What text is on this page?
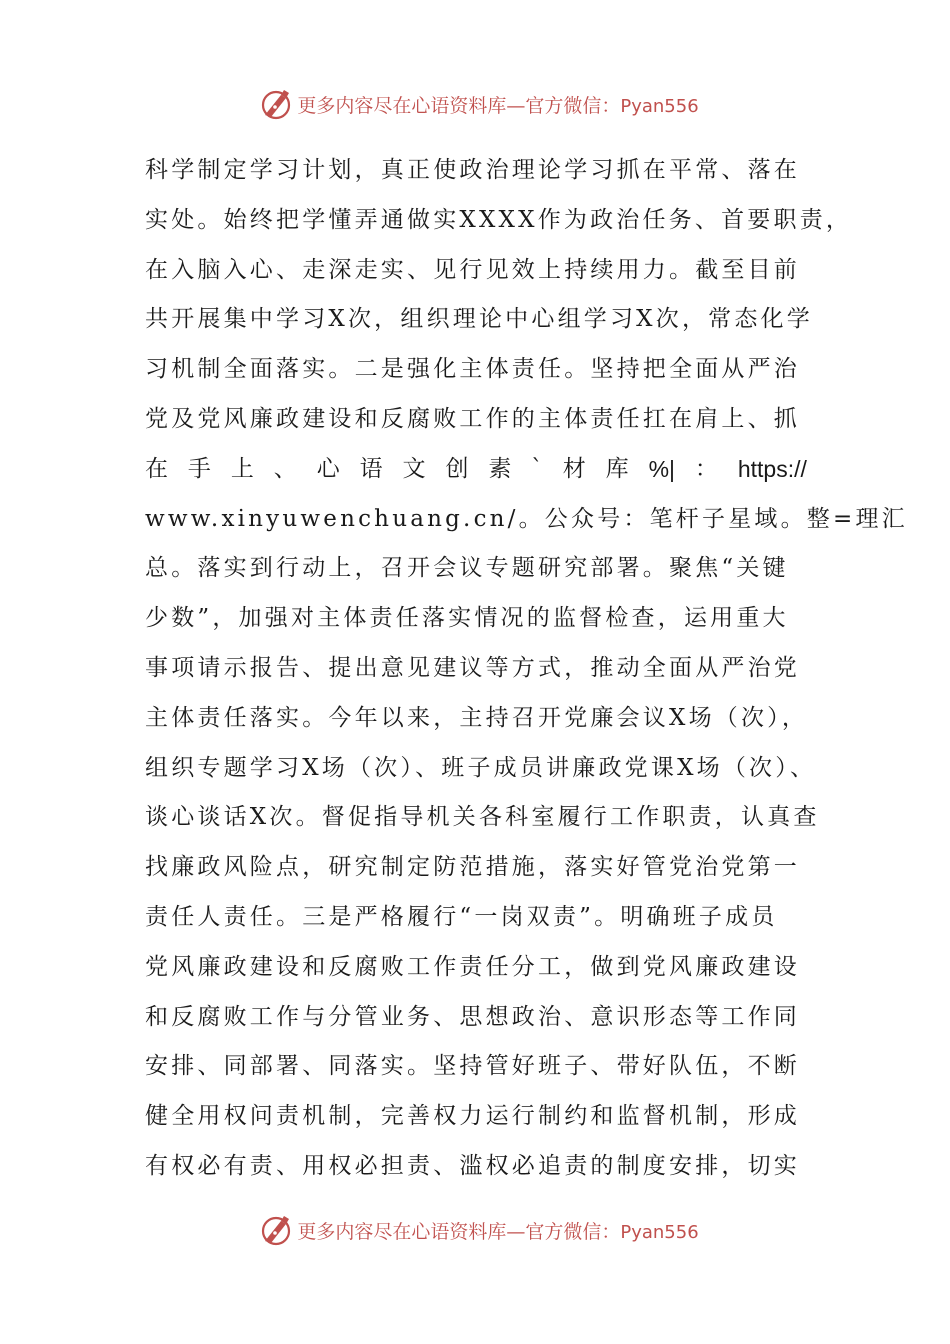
更多内容尽在心语资料库—官方微信：Pyan556
科学制定学习计划，真正使政治理论学习抓在平常、落在
实处。始终把学懂弄通做实XXXX作为政治任务、首要职责，
在入脑入心、走深走实、见行见效上持续用力。截至目前
共开展集中学习X次，组织理论中心组学习X次，常态化学
习机制全面落实。二是强化主体责任。坚持把全面从严治
党及党风廉政建设和反腐败工作的主体责任扛在肩上、抓
在 手 上 、 心 语 文 创 素 ` 材 库 %| ： https://
www.xinyuwenchuang.cn/。公众号：笔杆子星域。整=理汇
总。落实到行动上，召开会议专题研究部署。聚焦“关键
少数”，加强对主体责任落实情况的监督检查，运用重大
事项请示报告、提出意见建议等方式，推动全面从严治党
主体责任落实。今年以来，主持召开党廉会议X场（次），
组织专题学习X场（次）、班子成员讲廉政党课X场（次）、
谈心谈话X次。督促指导机关各科室履行工作职责，认真查
找廉政风险点，研究制定防范措施，落实好管党治党第一
责任人责任。三是严格履行“一岗双责”。明确班子成员
党风廉政建设和反腐败工作责任分工，做到党风廉政建设
和反腐败工作与分管业务、思想政治、意识形态等工作同
安排、同部署、同落实。坚持管好班子、带好队伍，不断
健全用权问责机制，完善权力运行制约和监督机制，形成
有权必有责、用权必担责、滥权必追责的制度安排，切实
更多内容尽在心语资料库—官方微信：Pyan556
